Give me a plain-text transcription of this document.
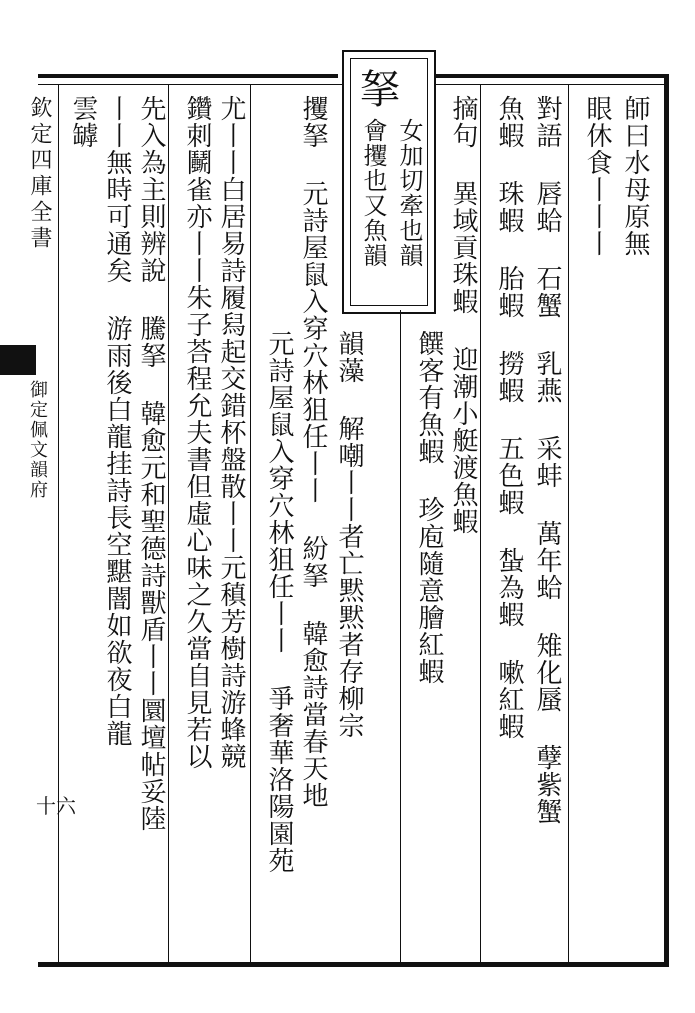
拏
女加切牽也韻
會攫也又魚韻
欽定四庫全書
御定佩文韻府
十六
師曰水母原無
眼休食丨丨丨
對語 唇蛤 石蟹 乳燕 采蚌 萬年蛤 雉化蜃 孽紫蟹
魚蝦 珠蝦 胎蝦 撈蝦 五色蝦 蚻為蝦 嗽紅蝦
摘句 異域貢珠蝦 迎潮小艇渡魚蝦
饌客有魚蝦 珍庖隨意膾紅蝦
韻藻 解嘲丨丨者亡黙黙者存柳宗
攫拏 元詩屋鼠入穿穴林狙任丨丨 紛拏 韓愈詩當春天地
元詩屋鼠入穿穴林狙任丨丨 爭奢華洛陽園苑
尤丨丨白居易詩履舄起交錯杯盤散丨丨元稹芳樹詩游蜂競
鑽刺鬭雀亦丨丨朱子荅程允夫書但虛心味之久當自見若以
先入為主則辨說 騰拏 韓愈元和聖德詩獸盾丨丨圜壇帖妥陸
丨丨無時可通矣 游雨後白龍挂詩長空黮闇如欲夜白龍
雲罅
